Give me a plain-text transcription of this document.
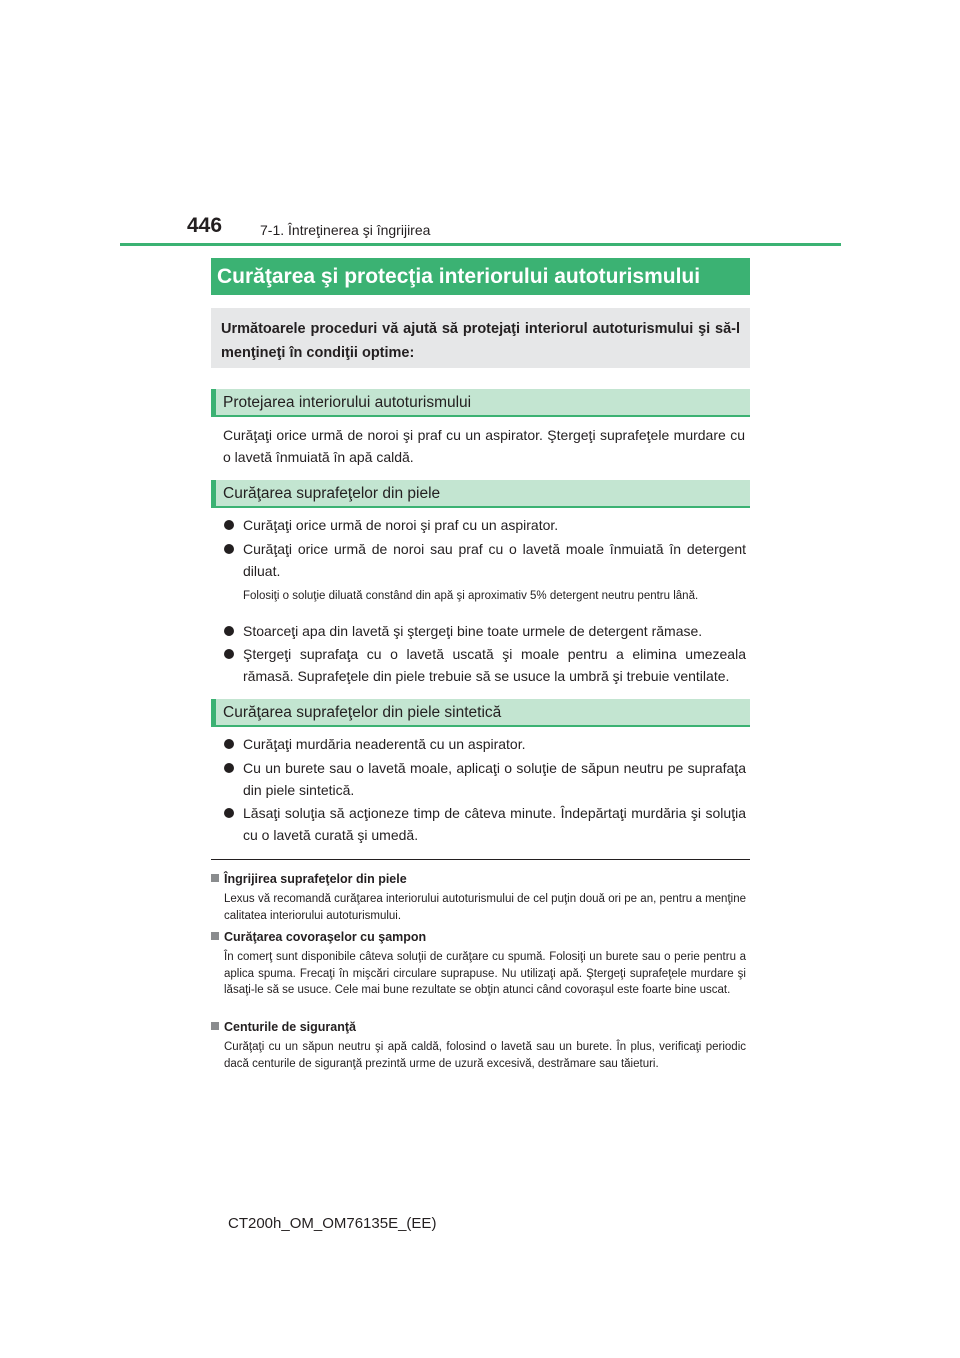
446	7-1. Întreţinerea şi îngrijirea
Curăţarea şi protecţia interiorului autoturismului
Următoarele proceduri vă ajută să protejaţi interiorul autoturismului şi să-l menţineţi în condiţii optime:
Protejarea interiorului autoturismului
Curăţaţi orice urmă de noroi şi praf cu un aspirator. Ştergeţi suprafeţele murdare cu o lavetă înmuiată în apă caldă.
Curăţarea suprafeţelor din piele
Curăţaţi orice urmă de noroi şi praf cu un aspirator.
Curăţaţi orice urmă de noroi sau praf cu o lavetă moale înmuiată în detergent diluat.
Folosiţi o soluţie diluată constând din apă şi aproximativ 5% detergent neutru pentru lână.
Stoarceţi apa din lavetă şi ştergeţi bine toate urmele de detergent rămase.
Ştergeţi suprafaţa cu o lavetă uscată şi moale pentru a elimina umezeala rămasă. Suprafeţele din piele trebuie să se usuce la umbră şi trebuie ventilate.
Curăţarea suprafeţelor din piele sintetică
Curăţaţi murdăria neaderentă cu un aspirator.
Cu un burete sau o lavetă moale, aplicaţi o soluţie de săpun neutru pe suprafaţa din piele sintetică.
Lăsaţi soluţia să acţioneze timp de câteva minute. Îndepărtaţi murdăria şi soluţia cu o lavetă curată şi umedă.
Îngrijirea suprafeţelor din piele
Lexus vă recomandă curăţarea interiorului autoturismului de cel puţin două ori pe an, pentru a menţine calitatea interiorului autoturismului.
Curăţarea covoraşelor cu şampon
În comerţ sunt disponibile câteva soluţii de curăţare cu spumă. Folosiţi un burete sau o perie pentru a aplica spuma. Frecaţi în mişcări circulare suprapuse. Nu utilizaţi apă. Ştergeţi suprafeţele murdare şi lăsaţi-le să se usuce. Cele mai bune rezultate se obţin atunci când covoraşul este foarte bine uscat.
Centurile de siguranţă
Curăţaţi cu un săpun neutru şi apă caldă, folosind o lavetă sau un burete. În plus, verificaţi periodic dacă centurile de siguranţă prezintă urme de uzură excesivă, destrămare sau tăieturi.
CT200h_OM_OM76135E_(EE)
